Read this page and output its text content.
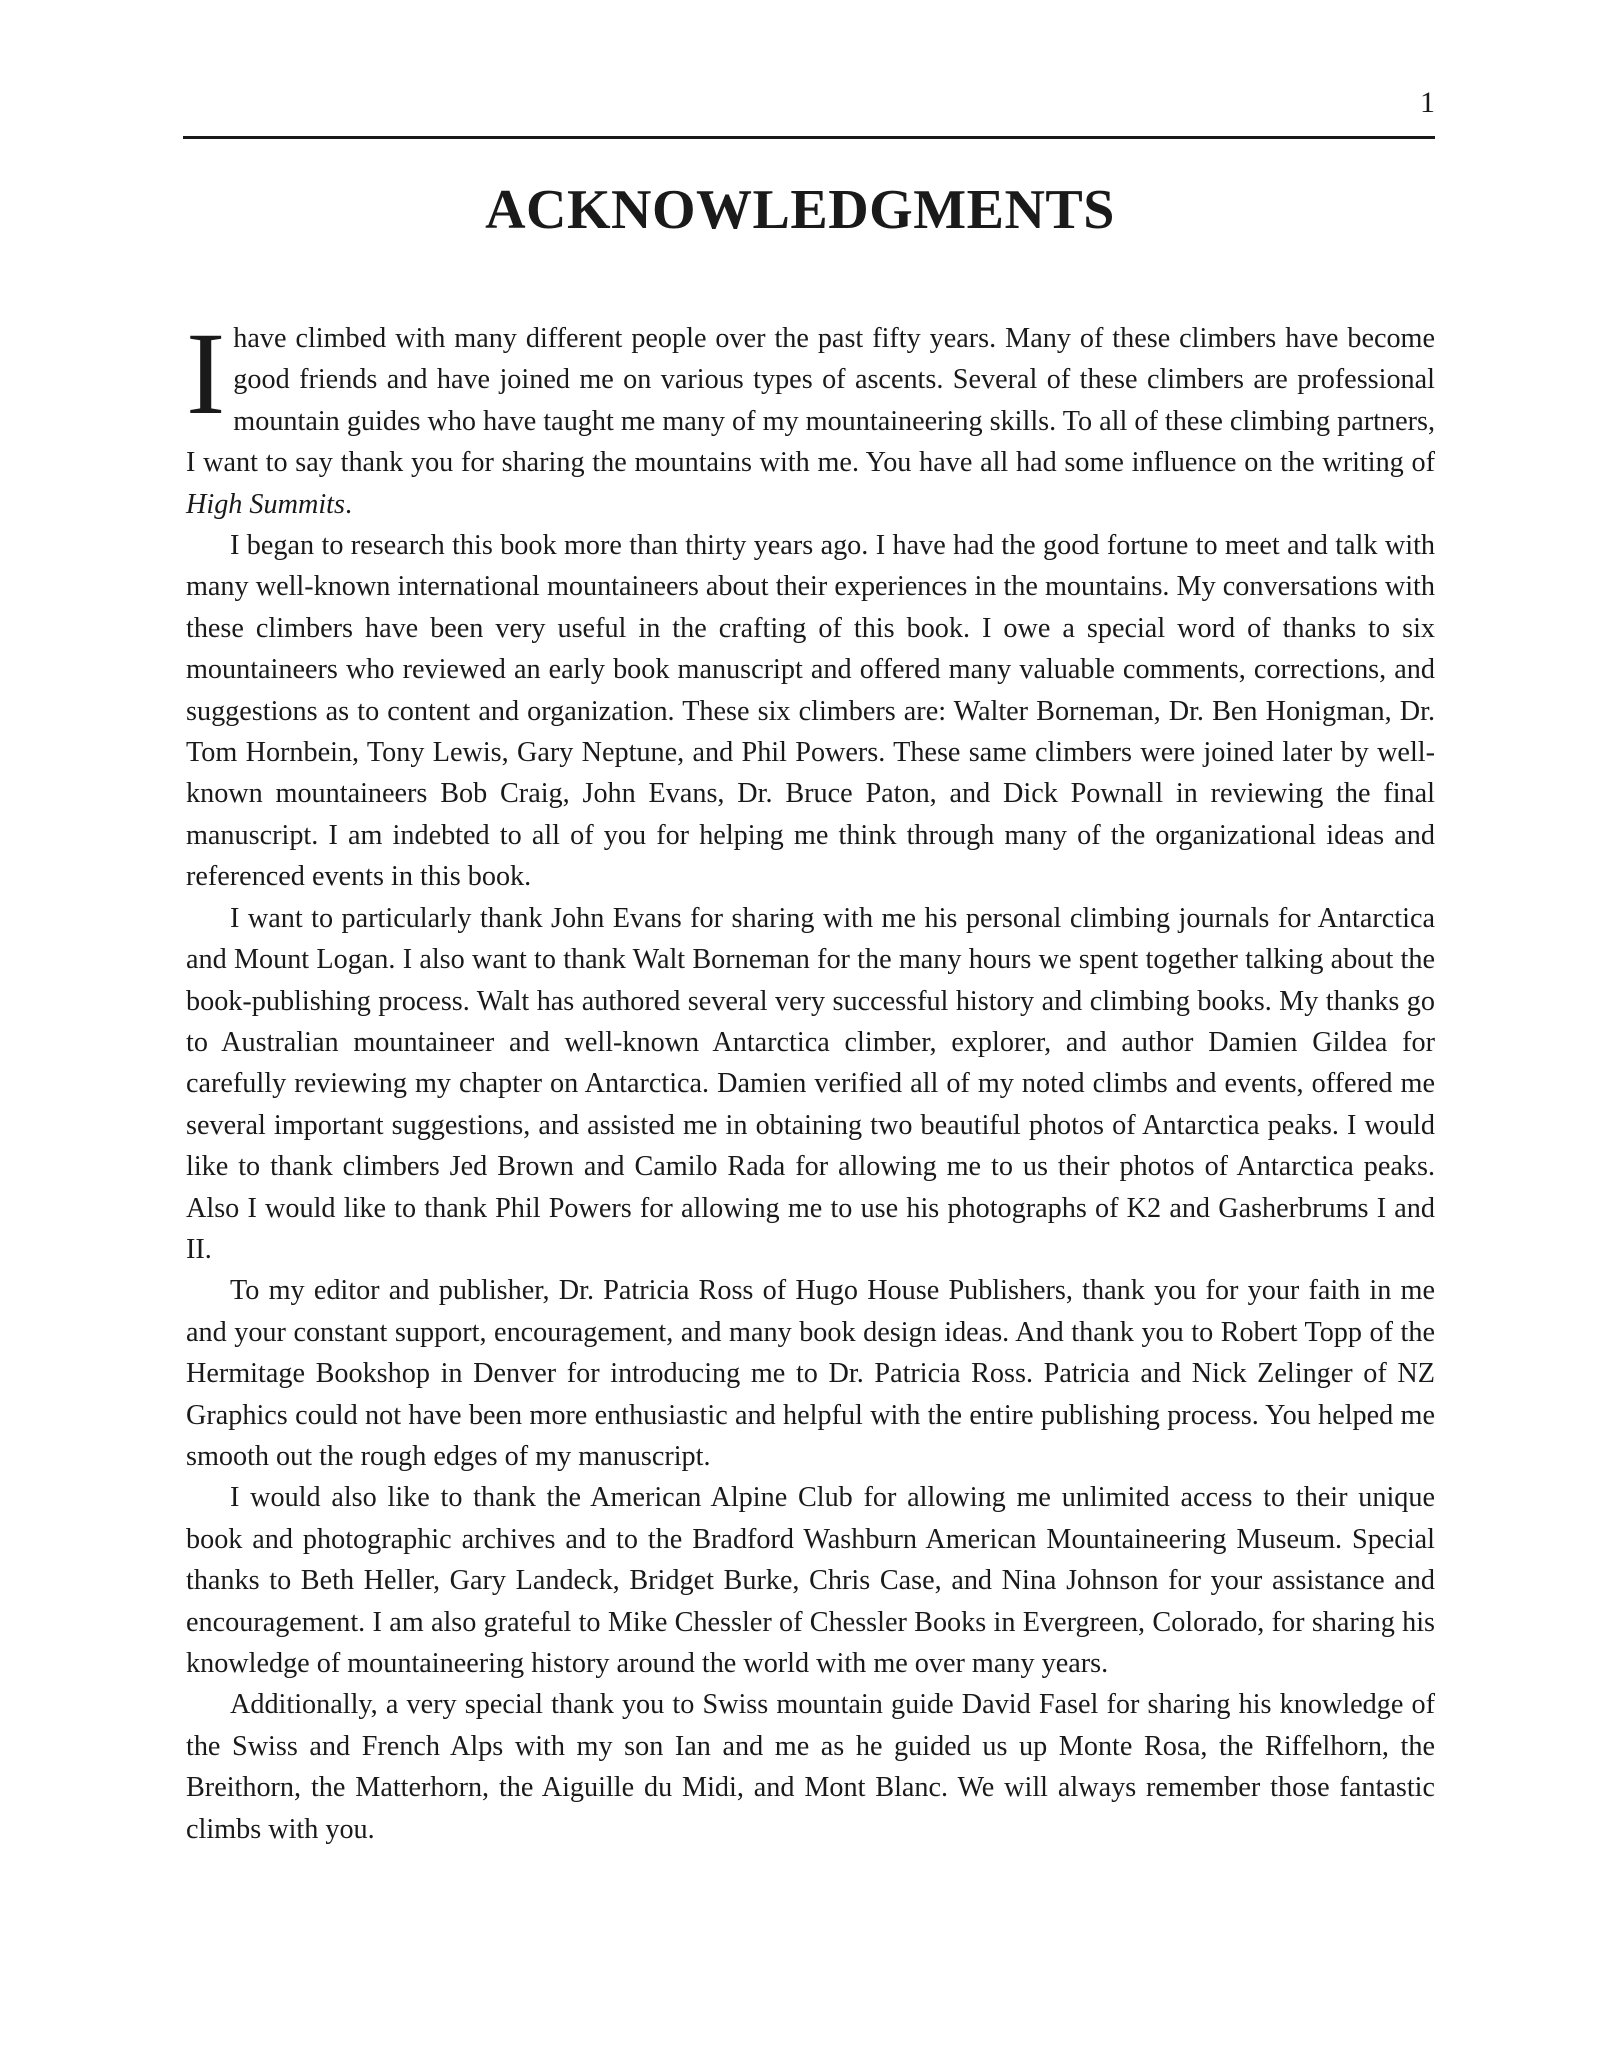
1
ACKNOWLEDGMENTS

Ihave climbed with many different people over the past fifty years. Many of these climbers have become good friends and have joined me on various types of ascents. Several of these climbers are professional mountain guides who have taught me many of my mountaineering skills. To all of these climbing partners, I want to say thank you for sharing the mountains with me. You have all had some influence on the writing of High Summits.

I began to research this book more than thirty years ago. I have had the good fortune to meet and talk with many well-known international mountaineers about their experiences in the mountains. My conversations with these climbers have been very useful in the crafting of this book. I owe a special word of thanks to six mountaineers who reviewed an early book manuscript and offered many valuable comments, corrections, and suggestions as to content and organization. These six climbers are: Walter Borneman, Dr. Ben Honigman, Dr. Tom Hornbein, Tony Lewis, Gary Neptune, and Phil Powers. These same climbers were joined later by well-known mountaineers Bob Craig, John Evans, Dr. Bruce Paton, and Dick Pownall in reviewing the final manuscript. I am indebted to all of you for helping me think through many of the organizational ideas and referenced events in this book.

I want to particularly thank John Evans for sharing with me his personal climbing journals for Antarctica and Mount Logan. I also want to thank Walt Borneman for the many hours we spent together talking about the book-publishing process. Walt has authored several very successful history and climbing books. My thanks go to Australian mountaineer and well-known Antarctica climber, explorer, and author Damien Gildea for carefully reviewing my chapter on Antarctica. Damien verified all of my noted climbs and events, offered me several important suggestions, and assisted me in obtaining two beautiful photos of Antarctica peaks. I would like to thank climbers Jed Brown and Camilo Rada for allowing me to us their photos of Antarctica peaks. Also I would like to thank Phil Powers for allowing me to use his photographs of K2 and Gasherbrums I and II.

To my editor and publisher, Dr. Patricia Ross of Hugo House Publishers, thank you for your faith in me and your constant support, encouragement, and many book design ideas. And thank you to Robert Topp of the Hermitage Bookshop in Denver for introducing me to Dr. Patricia Ross. Patricia and Nick Zelinger of NZ Graphics could not have been more enthusiastic and helpful with the entire publishing process. You helped me smooth out the rough edges of my manuscript.

I would also like to thank the American Alpine Club for allowing me unlimited access to their unique book and photographic archives and to the Bradford Washburn American Mountaineering Museum. Special thanks to Beth Heller, Gary Landeck, Bridget Burke, Chris Case, and Nina Johnson for your assistance and encouragement. I am also grateful to Mike Chessler of Chessler Books in Evergreen, Colorado, for sharing his knowledge of mountaineering history around the world with me over many years.

Additionally, a very special thank you to Swiss mountain guide David Fasel for sharing his knowledge of the Swiss and French Alps with my son Ian and me as he guided us up Monte Rosa, the Riffelhorn, the Breithorn, the Matterhorn, the Aiguille du Midi, and Mont Blanc. We will always remember those fantastic climbs with you.
